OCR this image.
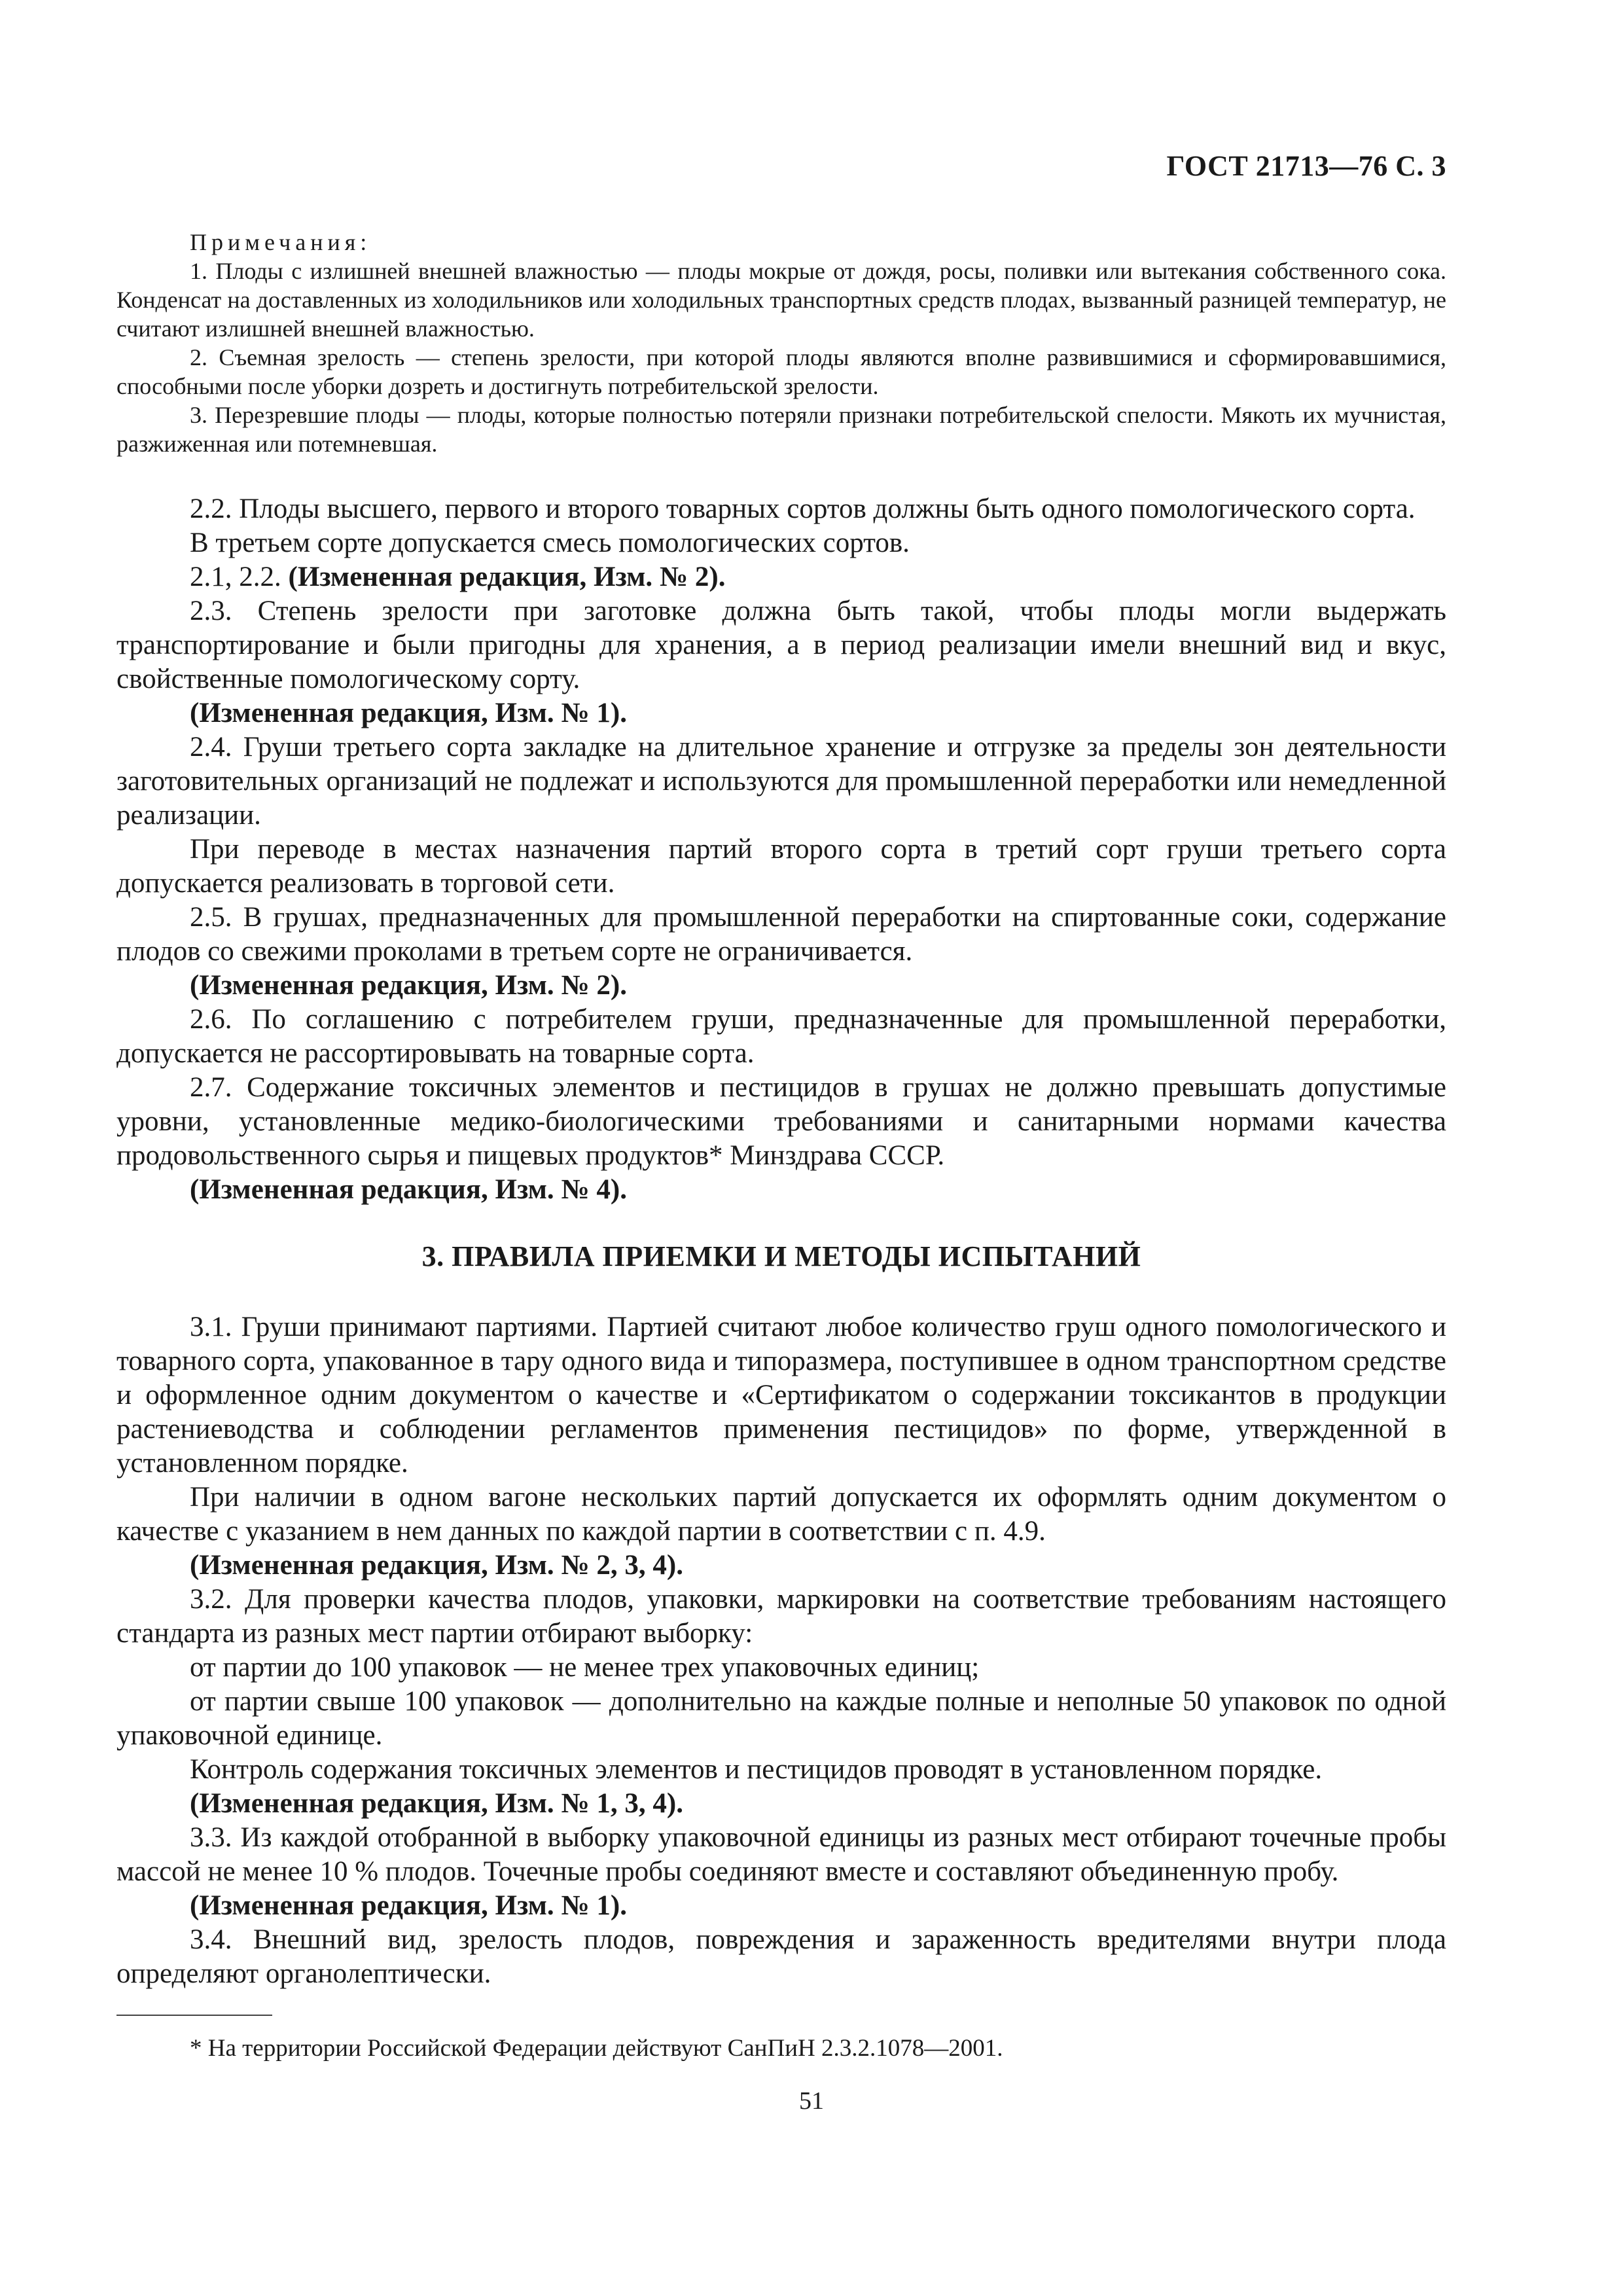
ГОСТ 21713—76 С. 3

Примечания:

1. Плоды с излишней внешней влажностью — плоды мокрые от дождя, росы, поливки или вытекания собственного сока. Конденсат на доставленных из холодильников или холодильных транспортных средств плодах, вызванный разницей температур, не считают излишней внешней влажностью.

2. Съемная зрелость — степень зрелости, при которой плоды являются вполне развившимися и сформировавшимися, способными после уборки дозреть и достигнуть потребительской зрелости.

3. Перезревшие плоды — плоды, которые полностью потеряли признаки потребительской спелости. Мякоть их мучнистая, разжиженная или потемневшая.

2.2. Плоды высшего, первого и второго товарных сортов должны быть одного помологического сорта.

В третьем сорте допускается смесь помологических сортов.

2.1, 2.2. (Измененная редакция, Изм. № 2).

2.3. Степень зрелости при заготовке должна быть такой, чтобы плоды могли выдержать транспортирование и были пригодны для хранения, а в период реализации имели внешний вид и вкус, свойственные помологическому сорту.

(Измененная редакция, Изм. № 1).

2.4. Груши третьего сорта закладке на длительное хранение и отгрузке за пределы зон деятельности заготовительных организаций не подлежат и используются для промышленной переработки или немедленной реализации.

При переводе в местах назначения партий второго сорта в третий сорт груши третьего сорта допускается реализовать в торговой сети.

2.5. В грушах, предназначенных для промышленной переработки на спиртованные соки, содержание плодов со свежими проколами в третьем сорте не ограничивается.

(Измененная редакция, Изм. № 2).

2.6. По соглашению с потребителем груши, предназначенные для промышленной переработки, допускается не рассортировывать на товарные сорта.

2.7. Содержание токсичных элементов и пестицидов в грушах не должно превышать допустимые уровни, установленные медико-биологическими требованиями и санитарными нормами качества продовольственного сырья и пищевых продуктов* Минздрава СССР.

(Измененная редакция, Изм. № 4).

3. ПРАВИЛА ПРИЕМКИ И МЕТОДЫ ИСПЫТАНИЙ

3.1. Груши принимают партиями. Партией считают любое количество груш одного помологического и товарного сорта, упакованное в тару одного вида и типоразмера, поступившее в одном транспортном средстве и оформленное одним документом о качестве и «Сертификатом о содержании токсикантов в продукции растениеводства и соблюдении регламентов применения пестицидов» по форме, утвержденной в установленном порядке.

При наличии в одном вагоне нескольких партий допускается их оформлять одним документом о качестве с указанием в нем данных по каждой партии в соответствии с п. 4.9.

(Измененная редакция, Изм. № 2, 3, 4).

3.2. Для проверки качества плодов, упаковки, маркировки на соответствие требованиям настоящего стандарта из разных мест партии отбирают выборку:

от партии до 100 упаковок — не менее трех упаковочных единиц;

от партии свыше 100 упаковок — дополнительно на каждые полные и неполные 50 упаковок по одной упаковочной единице.

Контроль содержания токсичных элементов и пестицидов проводят в установленном порядке.

(Измененная редакция, Изм. № 1, 3, 4).

3.3. Из каждой отобранной в выборку упаковочной единицы из разных мест отбирают точечные пробы массой не менее 10 % плодов. Точечные пробы соединяют вместе и составляют объединенную пробу.

(Измененная редакция, Изм. № 1).

3.4. Внешний вид, зрелость плодов, повреждения и зараженность вредителями внутри плода определяют органолептически.

* На территории Российской Федерации действуют СанПиН 2.3.2.1078—2001.
51
